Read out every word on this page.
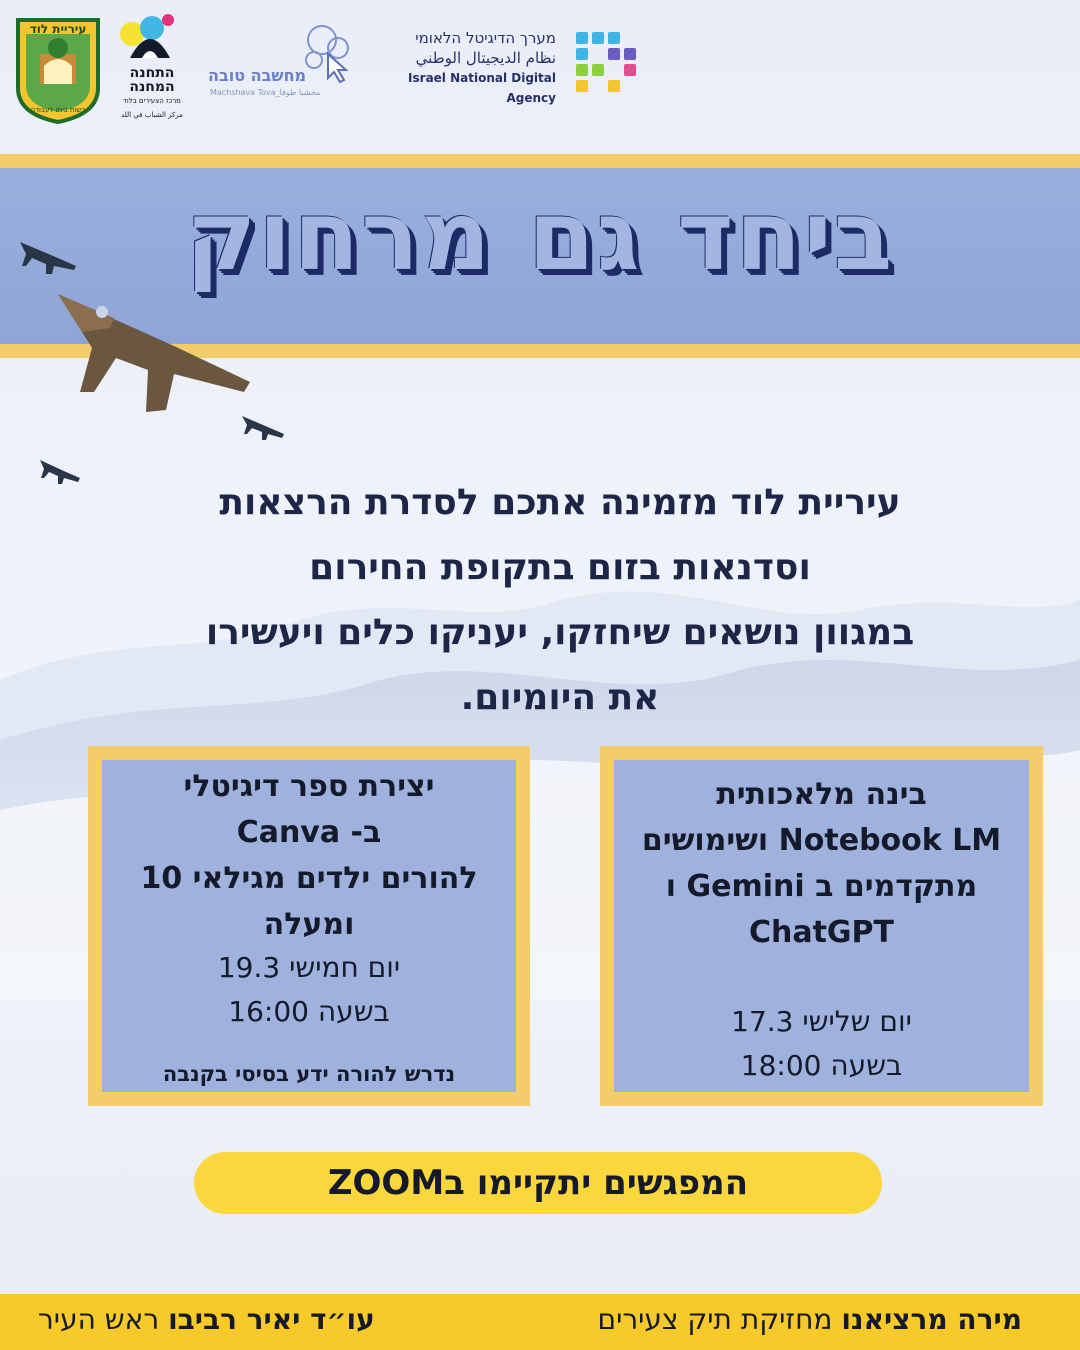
עיריית לוד
רשות ביתו לעבודה
התחנה
המחנה
מרכז הצעירים בלוד
مركز الشباب في اللد
מחשבה טובה
Machshava Tova_مخشبا طوفا
מערך הדיגיטל הלאומי
نظام الديجيتال الوطني
Israel National Digital Agency
ביחד גם מרחוק
עיריית לוד מזמינה אתכם לסדרת הרצאות
וסדנאות בזום בתקופת החירום
במגוון נושאים שיחזקו, יעניקו כלים ויעשירו
את היומיום.
בינה מלאכותית
Notebook LM ושימושים
מתקדמים ב Gemini ו
ChatGPT
יום שלישי 17.3
בשעה 18:00
יצירת ספר דיגיטלי
ב- Canva
להורים ילדים מגילאי 10
ומעלה
יום חמישי 19.3
בשעה 16:00
נדרש להורה ידע בסיסי בקנבה
המפגשים יתקיימו בZOOM
מירה מרציאנו מחזיקת תיק צעירים
עו״ד יאיר רביבו ראש העיר
